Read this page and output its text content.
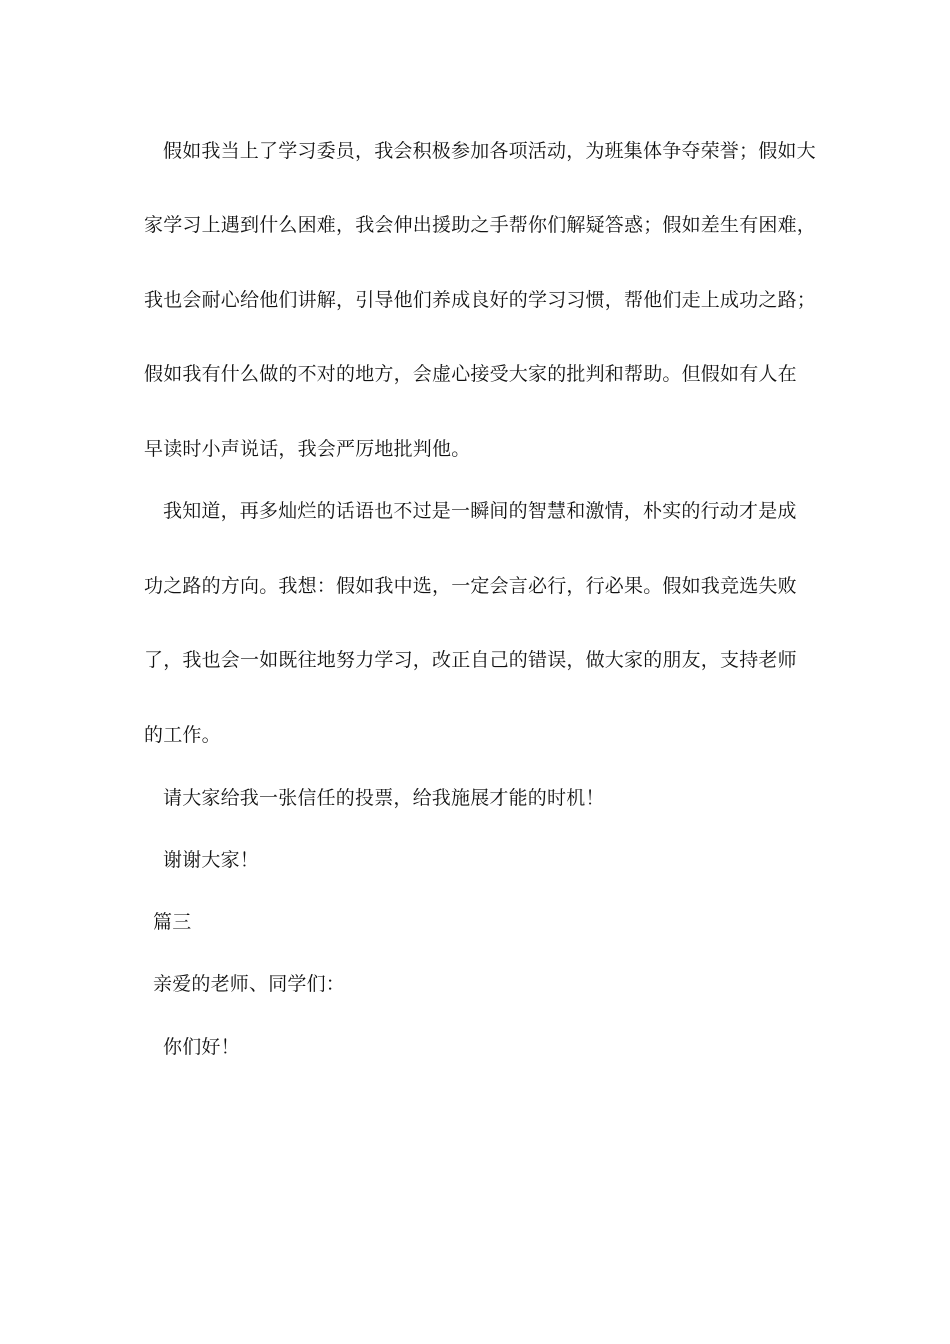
假如我当上了学习委员，我会积极参加各项活动，为班集体争夺荣誉；假如大
家学习上遇到什么困难，我会伸出援助之手帮你们解疑答惑；假如差生有困难，
我也会耐心给他们讲解，引导他们养成良好的学习习惯，帮他们走上成功之路；
假如我有什么做的不对的地方，会虚心接受大家的批判和帮助。但假如有人在
早读时小声说话，我会严厉地批判他。
我知道，再多灿烂的话语也不过是一瞬间的智慧和激情，朴实的行动才是成
功之路的方向。我想：假如我中选，一定会言必行，行必果。假如我竞选失败
了，我也会一如既往地努力学习，改正自己的错误，做大家的朋友，支持老师
的工作。
请大家给我一张信任的投票，给我施展才能的时机！
谢谢大家！
篇三
亲爱的老师、同学们：
你们好！
